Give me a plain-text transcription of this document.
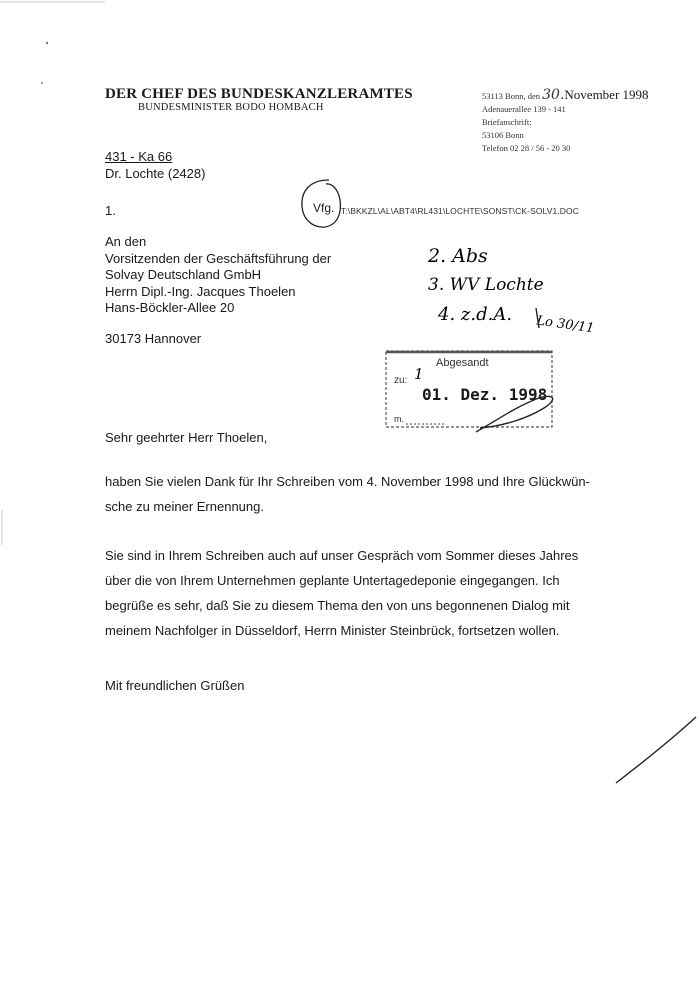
DER CHEF DES BUNDESKANZLERAMTES
BUNDESMINISTER BODO HOMBACH
53113 Bonn, den 30.November 1998
Adenauerallee 139 - 141
Briefanschrift:
53106 Bonn
Telefon 02 28 / 56 - 20 30
431 - Ka 66
Dr. Lochte (2428)
1.	Vfg. T:\BKKZL\AL\ABT4\RL431\LOCHTE\SONST\CK-SOLV1.DOC
An den
Vorsitzenden der Geschäftsführung der
Solvay Deutschland GmbH
Herrn Dipl.-Ing. Jacques Thoelen
Hans-Böckler-Allee 20
30173 Hannover
2. Abs
3. WV Lochte
4. z.d.A. Lo 30/11
Abgesandt
zu: 1
01. Dez. 1998
m.
Sehr geehrter Herr Thoelen,
haben Sie vielen Dank für Ihr Schreiben vom 4. November 1998 und Ihre Glückwün-
sche zu meiner Ernennung.
Sie sind in Ihrem Schreiben auch auf unser Gespräch vom Sommer dieses Jahres
über die von Ihrem Unternehmen geplante Untertagedeponie eingegangen. Ich
begrüße es sehr, daß Sie zu diesem Thema den von uns begonnenen Dialog mit
meinem Nachfolger in Düsseldorf, Herrn Minister Steinbrück, fortsetzen wollen.
Mit freundlichen Grüßen
